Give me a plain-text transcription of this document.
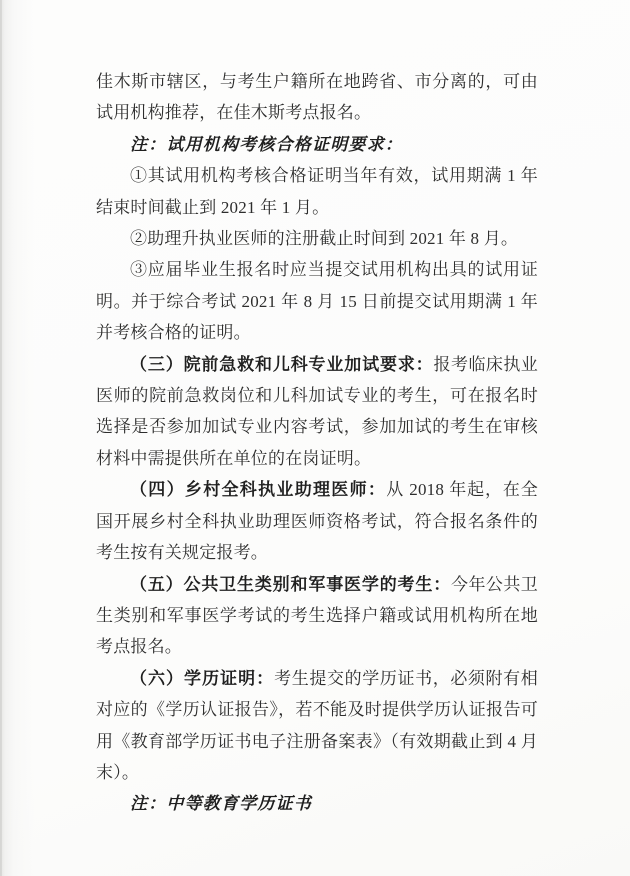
佳木斯市辖区，与考生户籍所在地跨省、市分离的，可由试用机构推荐，在佳木斯考点报名。

注：试用机构考核合格证明要求：

①其试用机构考核合格证明当年有效，试用期满 1 年结束时间截止到 2021 年 1 月。

②助理升执业医师的注册截止时间到 2021 年 8 月。

③应届毕业生报名时应当提交试用机构出具的试用证明。并于综合考试 2021 年 8 月 15 日前提交试用期满 1 年并考核合格的证明。

（三）院前急救和儿科专业加试要求：报考临床执业医师的院前急救岗位和儿科加试专业的考生，可在报名时选择是否参加加试专业内容考试，参加加试的考生在审核材料中需提供所在单位的在岗证明。

（四）乡村全科执业助理医师：从 2018 年起，在全国开展乡村全科执业助理医师资格考试，符合报名条件的考生按有关规定报考。

（五）公共卫生类别和军事医学的考生：今年公共卫生类别和军事医学考试的考生选择户籍或试用机构所在地考点报名。

（六）学历证明：考生提交的学历证书，必须附有相对应的《学历认证报告》，若不能及时提供学历认证报告可用《教育部学历证书电子注册备案表》（有效期截止到 4 月末）。

注：中等教育学历证书
